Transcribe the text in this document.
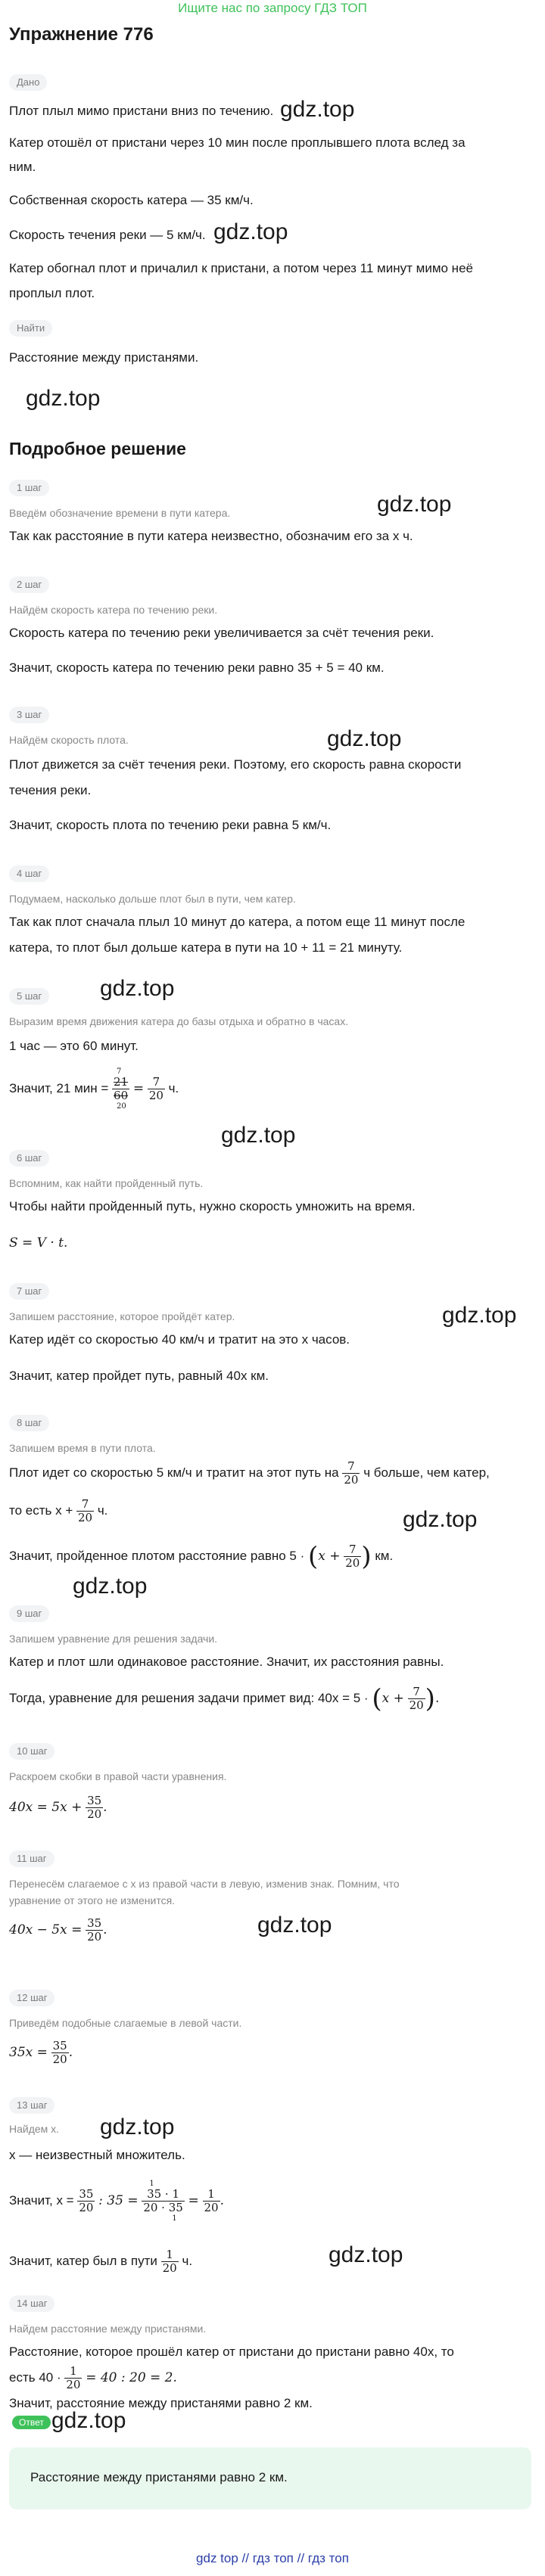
Ищите нас по запросу ГДЗ ТОП
Упражнение 776
Дано
Плот плыл мимо пристани вниз по течению. gdz.top
Катер отошёл от пристани через 10 мин после проплывшего плота вслед за
ним.
Собственная скорость катера — 35 км/ч.
Скорость течения реки — 5 км/ч. gdz.top
Катер обогнал плот и причалил к пристани, а потом через 11 минут мимо неё
проплыл плот.
Найти
Расстояние между пристанями.
gdz.top
Подробное решение
1 шаг
Введём обозначение времени в пути катера.	gdz.top
Так как расстояние в пути катера неизвестно, обозначим его за x ч.
2 шаг
Найдём скорость катера по течению реки.
Скорость катера по течению реки увеличивается за счёт течения реки.
Значит, скорость катера по течению реки равно 35 + 5 = 40 км.
3 шаг
Найдём скорость плота.	gdz.top
Плот движется за счёт течения реки. Поэтому, его скорость равна скорости
течения реки.
Значит, скорость плота по течению реки равна 5 км/ч.
4 шаг
Подумаем, насколько дольше плот был в пути, чем катер.
Так как плот сначала плыл 10 минут до катера, а потом еще 11 минут после
катера, то плот был дольше катера в пути на 10 + 11 = 21 минуту.
gdz.top
5 шаг
Выразим время движения катера до базы отдыха и обратно в часах.
1 час — это 60 минут.
Значит, 21 мин =
7
21
60
20
= $\frac{7}{20} ч$.
gdz.top
6 шаг
Вспомним, как найти пройденный путь.
Чтобы найти пройденный путь, нужно скорость умножить на время.
S = V · t.
7 шаг
gdz.top
Запишем расстояние, которое пройдёт катер.
Катер идёт со скоростью 40 км/ч и тратит на это x часов.
Значит, катер пройдет путь, равный 40x км.
8 шаг
Запишем время в пути плота.
Плот идет со скоростью 5 км/ч и тратит на этот путь на $\frac{7}{20}$ ч больше, чем катер,
то есть $x + \frac{7}{20} ч$.	gdz.top
Значит, пройденное плотом расстояние равно $5 \cdot (x + \frac{7}{20}$ ) км.
gdz.top
9 шаг
Запишем уравнение для решения задачи.
Катер и плот шли одинаковое расстояние. Значит, их расстояния равны.
Тогда, уравнение для решения задачи примет вид: $40x = 5 \cdot (x + \frac{7}{20}$ ).
10 шаг
Раскроем скобки в правой части уравнения.
$40x = 5x + \frac{35}{20}$ .
11 шаг
Перенесём слагаемое с x из правой части в левую, изменив знак. Помним, что
уравнение от этого не изменится.
$40x - 5x = \frac{35}{20}$ .	gdz.top
12 шаг
Приведём подобные слагаемые в левой части.
$35x = \frac{35}{20}$ .
13 шаг
Найдем x. gdz.top
x — неизвестный множитель.
Значит, $x = \frac{35}{20}$ : 35 =
1
35 · 1
20 · 35
1
= $\frac{1}{20}$ .
Значит, катер был в пути $\frac{1}{20} ч$.	gdz.top
14 шаг
Найдем расстояние между пристанями.
Расстояние, которое прошёл катер от пристани до пристани равно 40x, то
есть $40 \cdot \frac{1}{20} = 40$ : 20 = 2.
Значит, расстояние между пристанями равно 2 км.
Ответ gdz.top
Расстояние между пристанями равно 2 км.
gdz top // гдз топ // гдз топ
